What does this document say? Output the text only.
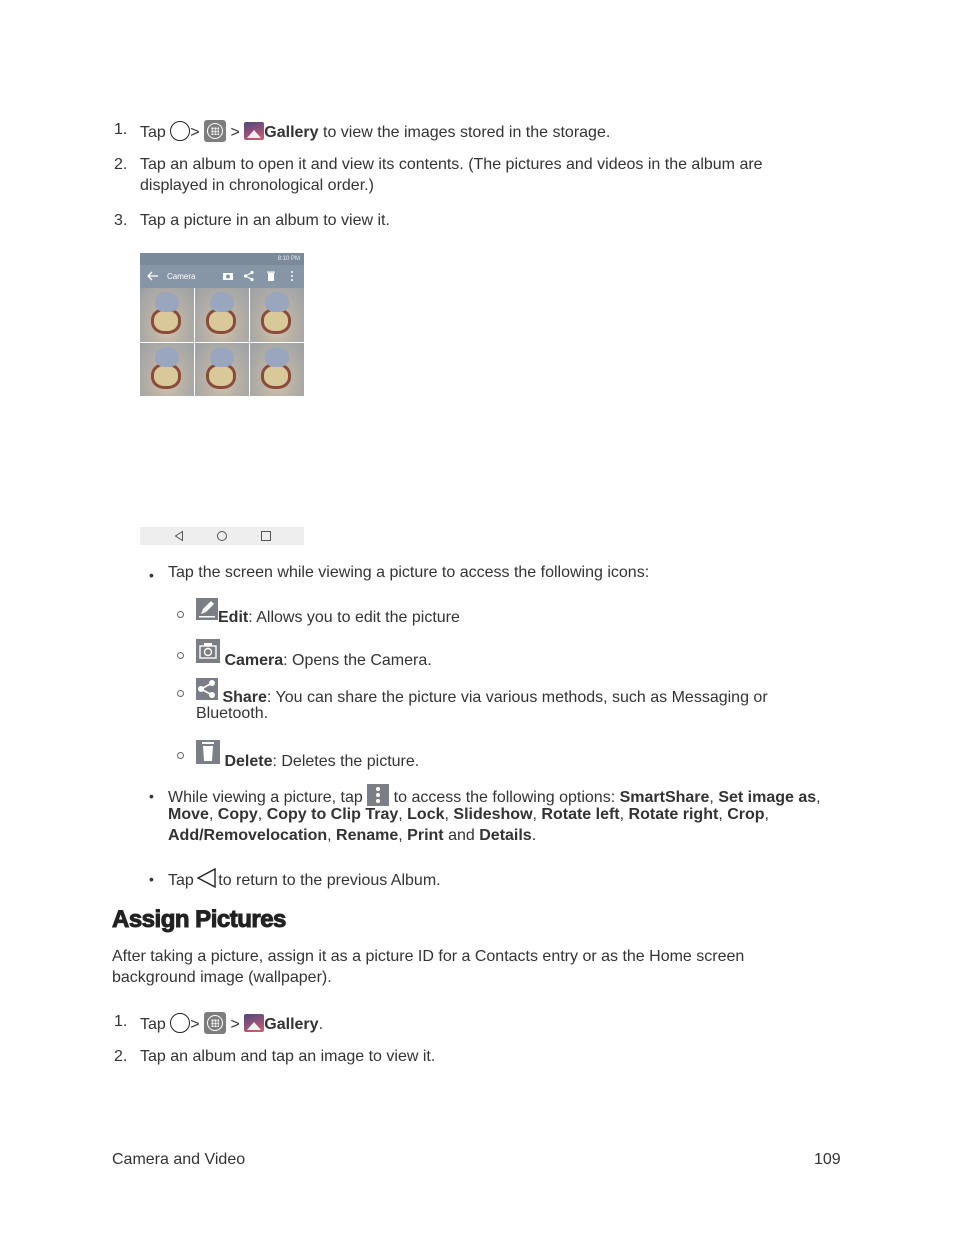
1. Tap > > Gallery to view the images stored in the storage.
2. Tap an album to open it and view its contents. (The pictures and videos in the album are
displayed in chronological order.)
3. Tap a picture in an album to view it.
8:10 PM
Camera
• Tap the screen while viewing a picture to access the following icons:
Edit: Allows you to edit the picture
Camera: Opens the Camera.
Share: You can share the picture via various methods, such as Messaging or
Bluetooth.
Delete: Deletes the picture.
• While viewing a picture, tap to access the following options: SmartShare, Set image as,
Move, Copy, Copy to Clip Tray, Lock, Slideshow, Rotate left, Rotate right, Crop,
Add/Removelocation, Rename, Print and Details.
• Tap to return to the previous Album.
Assign Pictures
After taking a picture, assign it as a picture ID for a Contacts entry or as the Home screen
background image (wallpaper).
1. Tap > > Gallery.
2. Tap an album and tap an image to view it.
Camera and Video	109
